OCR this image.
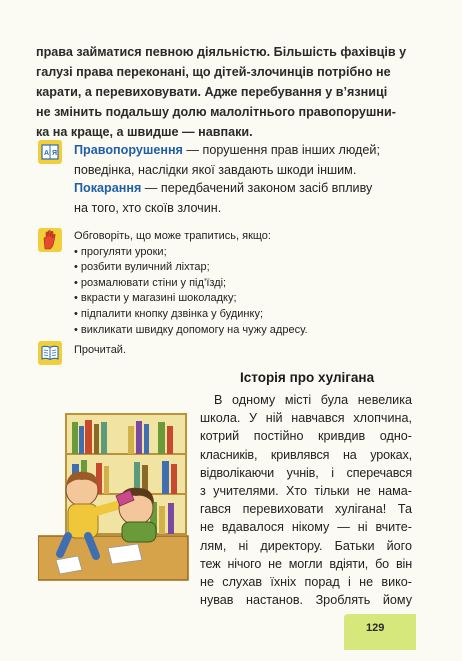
права займатися певною діяльністю. Більшість фахівців у
галузі права переконані, що дітей-злочинців потрібно не
карати, а перевиховувати. Адже перебування у в’язниці
не змінить подальшу долю малолітнього правопорушни-
ка на краще, а швидше — навпаки.
А Я Правопорушення — порушення прав інших людей;
поведінка, наслідки якої завдають шкоди іншим.
Покарання — передбачений законом засіб впливу
на того, хто скоїв злочин.
Обговоріть, що може трапитись, якщо:
• прогуляти уроки;
• розбити вуличний ліхтар;
• розмалювати стіни у під’їзді;
• вкрасти у магазині шоколадку;
• підпалити кнопку дзвінка у будинку;
• викликати швидку допомогу на чужу адресу.
Прочитай.
Історія про хулігана
В одному місті була невелика
школа. У ній навчався хлопчина,
котрий постійно кривдив одно-
класників, кривлявся на уроках,
відволікаючи учнів, і сперечався
з учителями. Хто тільки не нама-
гався перевиховати хулігана! Та
не вдавалося нікому — ні вчите-
лям, ні директору. Батьки його
теж нічого не могли вдіяти, бо він
не слухав їхніх порад і не вико-
нував настанов. Зроблять йому
129
